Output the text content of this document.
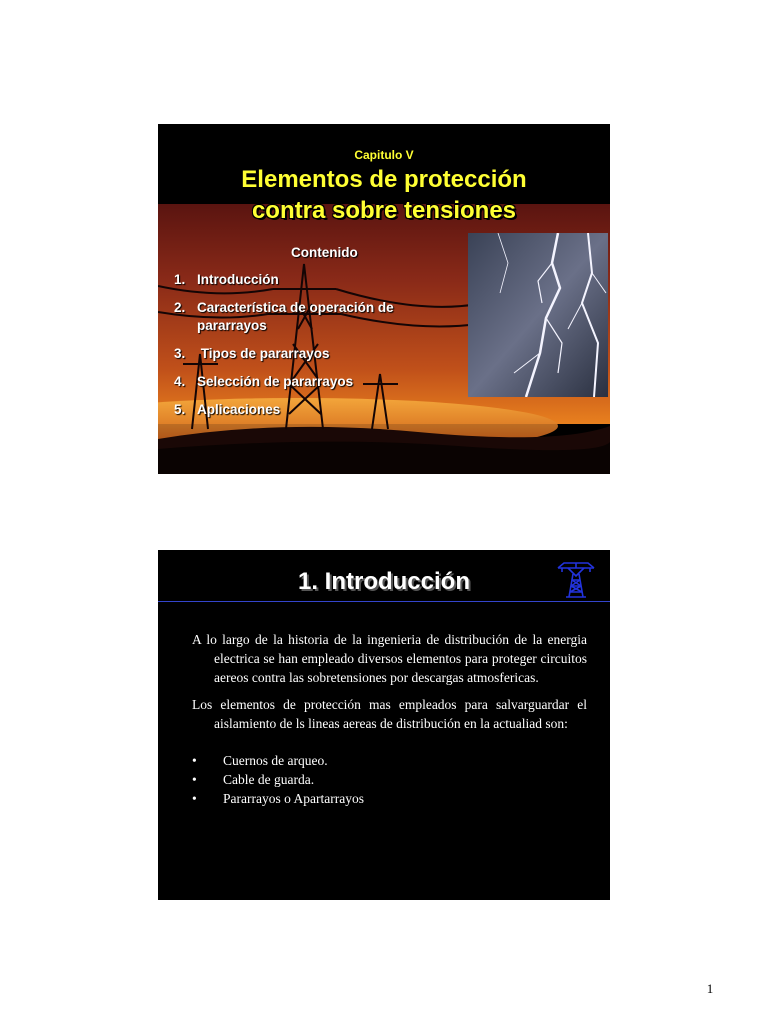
Capitulo V
Elementos de protección
contra sobre tensiones
Contenido
1. Introducción
2. Característica de operación de
pararrayos
3. Tipos de pararrayos
4. Selección de pararrayos
5. Aplicaciones
1. Introducción

A lo largo de la historia de la ingenieria de distribución de la energia electrica se han empleado diversos elementos para proteger circuitos aereos contra las sobretensiones por descargas atmosfericas.

Los elementos de protección mas empleados para salvarguardar el aislamiento de ls lineas aereas de distribución en la actualiad son:

• Cuernos de arqueo.
• Cable de guarda.
• Pararrayos o Apartarrayos
1
